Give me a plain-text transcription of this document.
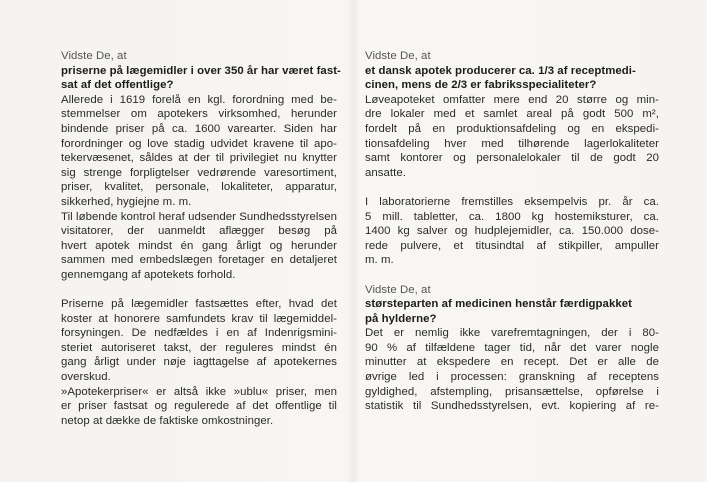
Vidste De, at
priserne på lægemidler i over 350 år har været fast-
sat af det offentlige?
Allerede i 1619 forelå en kgl. forordning med be-
stemmelser om apotekers virksomhed, herunder
bindende priser på ca. 1600 varearter. Siden har
forordninger og love stadig udvidet kravene til apo-
tekervæsenet, såldes at der til privilegiet nu knytter
sig strenge forpligtelser vedrørende varesortiment,
priser, kvalitet, personale, lokaliteter, apparatur,
sikkerhed, hygiejne m. m.
Til løbende kontrol heraf udsender Sundhedsstyrelsen
visitatorer, der uanmeldt aflægger besøg på
hvert apotek mindst én gang årligt og herunder
sammen med embedslægen foretager en detaljeret
gennemgang af apotekets forhold.
Priserne på lægemidler fastsættes efter, hvad det
koster at honorere samfundets krav til lægemiddel-
forsyningen. De nedfældes i en af Indenrigsmini-
steriet autoriseret takst, der reguleres mindst én
gang årligt under nøje iagttagelse af apotekernes
overskud.
»Apotekerpriser« er altså ikke »ublu« priser, men
er priser fastsat og regulerede af det offentlige til
netop at dække de faktiske omkostninger.
Vidste De, at
et dansk apotek producerer ca. 1/3 af receptmedi-
cinen, mens de 2/3 er fabriksspecialiteter?
Løveapoteket omfatter mere end 20 større og min-
dre lokaler med et samlet areal på godt 500 m²,
fordelt på en produktionsafdeling og en ekspedi-
tionsafdeling hver med tilhørende lagerlokaliteter
samt kontorer og personalelokaler til de godt 20
ansatte.
I laboratorierne fremstilles eksempelvis pr. år ca.
5 mill. tabletter, ca. 1800 kg hostemiksturer, ca.
1400 kg salver og hudplejemidler, ca. 150.000 dose-
rede pulvere, et titusindtal af stikpiller, ampuller
m. m.
Vidste De, at
størsteparten af medicinen henstår færdigpakket
på hylderne?
Det er nemlig ikke varefremtagningen, der i 80-
90 % af tilfældene tager tid, når det varer nogle
minutter at ekspedere en recept. Det er alle de
øvrige led i processen: granskning af receptens
gyldighed, afstempling, prisansættelse, opførelse i
statistik til Sundhedsstyrelsen, evt. kopiering af re-
